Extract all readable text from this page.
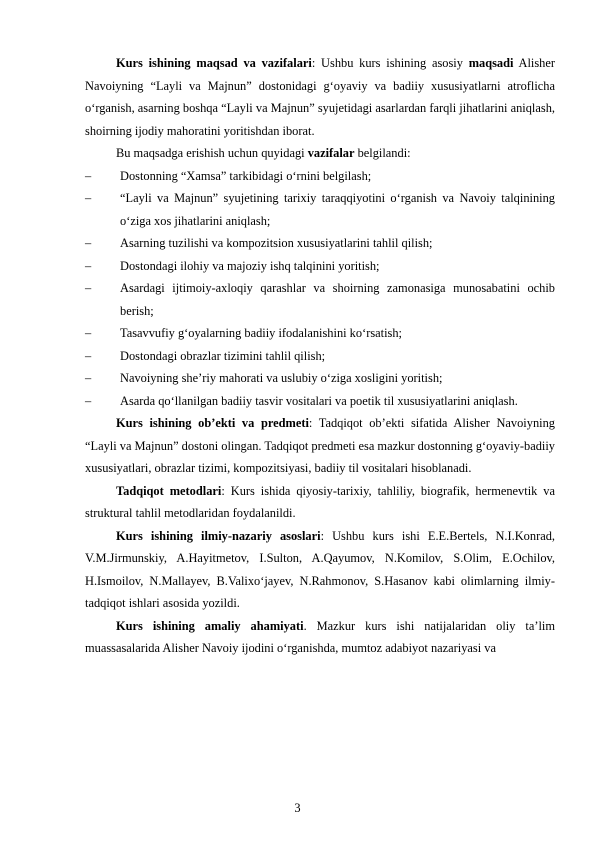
Kurs ishining maqsad va vazifalari: Ushbu kurs ishining asosiy maqsadi Alisher Navoiyning “Layli va Majnun” dostonidagi g‘oyaviy va badiiy xususiyatlarni atroflicha o‘rganish, asarning boshqa “Layli va Majnun” syujetidagi asarlardan farqli jihatlarini aniqlash, shoirning ijodiy mahoratini yoritishdan iborat.

Bu maqsadga erishish uchun quyidagi vazifalar belgilandi:

– Dostonning “Xamsa” tarkibidagi o‘rnini belgilash;
– “Layli va Majnun” syujetining tarixiy taraqqiyotini o‘rganish va Navoiy talqinining o‘ziga xos jihatlarini aniqlash;
– Asarning tuzilishi va kompozitsion xususiyatlarini tahlil qilish;
– Dostondagi ilohiy va majoziy ishq talqinini yoritish;
– Asardagi ijtimoiy-axloqiy qarashlar va shoirning zamonasiga munosabatini ochib berish;
– Tasavvufiy g‘oyalarning badiiy ifodalanishini ko‘rsatish;
– Dostondagi obrazlar tizimini tahlil qilish;
– Navoiyning she’riy mahorati va uslubiy o‘ziga xosligini yoritish;
– Asarda qo‘llanilgan badiiy tasvir vositalari va poetik til xususiyatlarini aniqlash.

Kurs ishining ob’ekti va predmeti: Tadqiqot ob’ekti sifatida Alisher Navoiyning “Layli va Majnun” dostoni olingan. Tadqiqot predmeti esa mazkur dostonning g‘oyaviy-badiiy xususiyatlari, obrazlar tizimi, kompozitsiyasi, badiiy til vositalari hisoblanadi.

Tadqiqot metodlari: Kurs ishida qiyosiy-tarixiy, tahliliy, biografik, hermenevtik va struktural tahlil metodlaridan foydalanildi.

Kurs ishining ilmiy-nazariy asoslari: Ushbu kurs ishi E.E.Bertels, N.I.Konrad, V.M.Jirmunskiy, A.Hayitmetov, I.Sulton, A.Qayumov, N.Komilov, S.Olim, E.Ochilov, H.Ismoilov, N.Mallayev, B.Valixo‘jayev, N.Rahmonov, S.Hasanov kabi olimlarning ilmiy-tadqiqot ishlari asosida yozildi.

Kurs ishining amaliy ahamiyati. Mazkur kurs ishi natijalaridan oliy ta’lim muassasalarida Alisher Navoiy ijodini o‘rganishda, mumtoz adabiyot nazariyasi va

3
